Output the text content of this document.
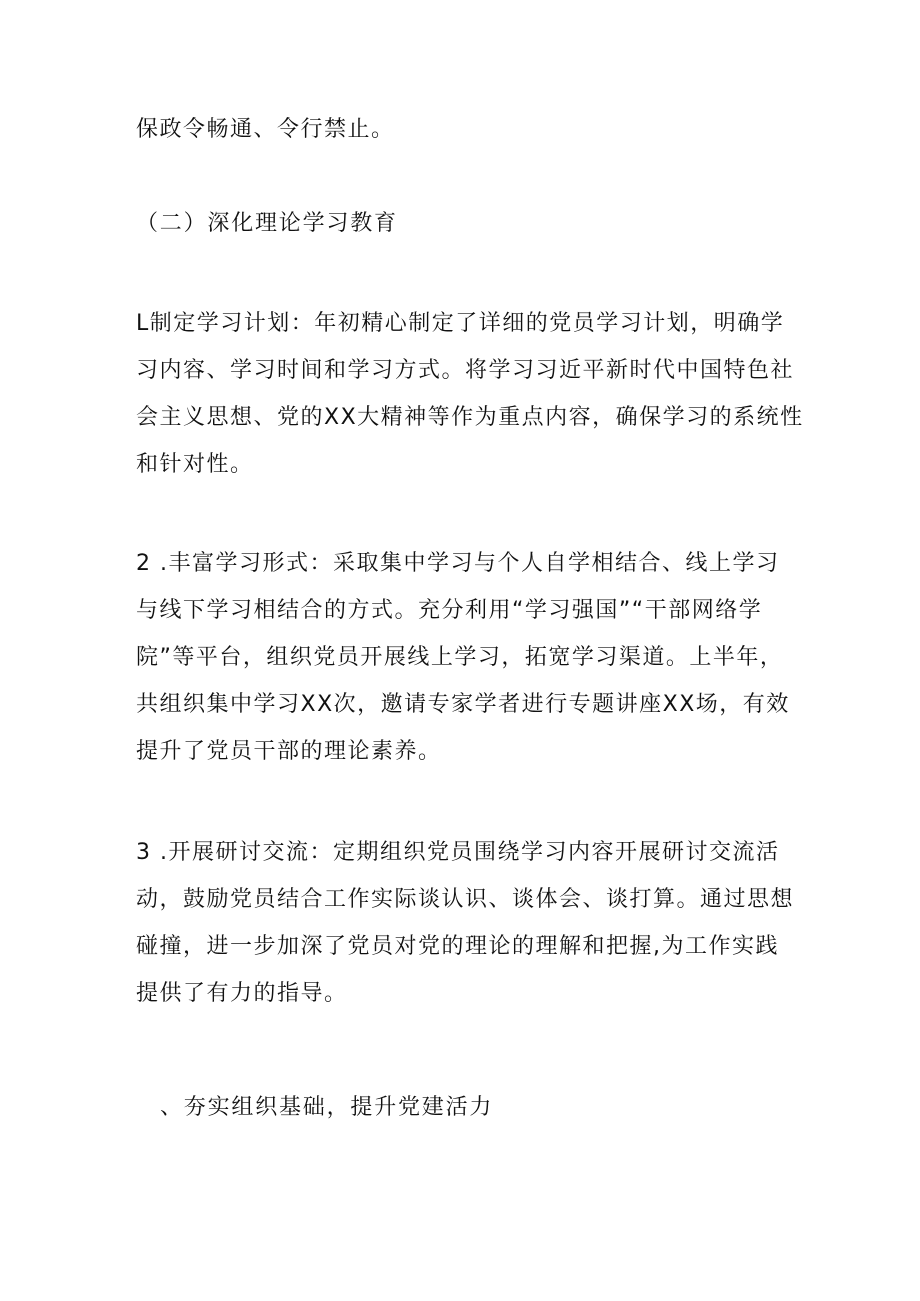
保政令畅通、令行禁止。

（二）深化理论学习教育

L制定学习计划：年初精心制定了详细的党员学习计划，明确学
习内容、学习时间和学习方式。将学习习近平新时代中国特色社
会主义思想、党的XX大精神等作为重点内容，确保学习的系统性
和针对性。

2 .丰富学习形式：采取集中学习与个人自学相结合、线上学习
与线下学习相结合的方式。充分利用“学习强国”“干部网络学
院”等平台，组织党员开展线上学习，拓宽学习渠道。上半年，
共组织集中学习XX次，邀请专家学者进行专题讲座XX场，有效
提升了党员干部的理论素养。

3 .开展研讨交流：定期组织党员围绕学习内容开展研讨交流活
动，鼓励党员结合工作实际谈认识、谈体会、谈打算。通过思想
碰撞，进一步加深了党员对党的理论的理解和把握,为工作实践
提供了有力的指导。

、夯实组织基础，提升党建活力
